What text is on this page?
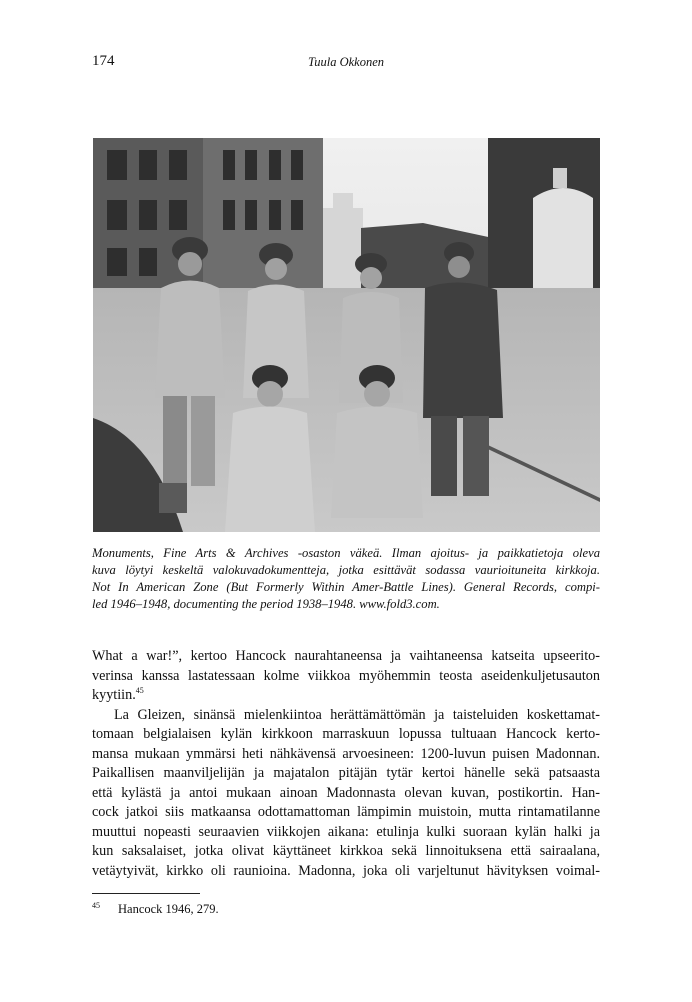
174	Tuula Okkonen
Monuments, Fine Arts & Archives -osaston väkeä. Ilman ajoitus- ja paikkatietoja oleva
kuva löytyi keskeltä valokuvadokumentteja, jotka esittävät sodassa vaurioituneita kirkkoja.
Not In American Zone (But Formerly Within Amer-Battle Lines). General Records, compi-
led 1946–1948, documenting the period 1938–1948. www.fold3.com.
What a war!”, kertoo Hancock naurahtaneensa ja vaihtaneensa katseita upseerito-
verinsa kanssa lastatessaan kolme viikkoa myöhemmin teosta aseidenkuljetusauton
kyytiin.$^{45}$
La Gleizen, sinänsä mielenkiintoa herättämättömän ja taisteluiden koskettamat-
tomaan belgialaisen kylän kirkkoon marraskuun lopussa tultuaan Hancock kerto-
mansa mukaan ymmärsi heti nähkävensä arvoesineen: 1200-luvun puisen Madonnan.
Paikallisen maanviljelijän ja majatalon pitäjän tytär kertoi hänelle sekä patsaasta
että kylästä ja antoi mukaan ainoan Madonnasta olevan kuvan, postikortin. Han-
cock jatkoi siis matkaansa odottamattoman lämpimin muistoin, mutta rintamatilanne
muuttui nopeasti seuraavien viikkojen aikana: etulinja kulki suoraan kylän halki ja
kun saksalaiset, jotka olivat käyttäneet kirkkoa sekä linnoituksena että sairaalana,
vetäytyivät, kirkko oli raunioina. Madonna, joka oli varjeltunut hävityksen voimal-
45 Hancock 1946, 279.
